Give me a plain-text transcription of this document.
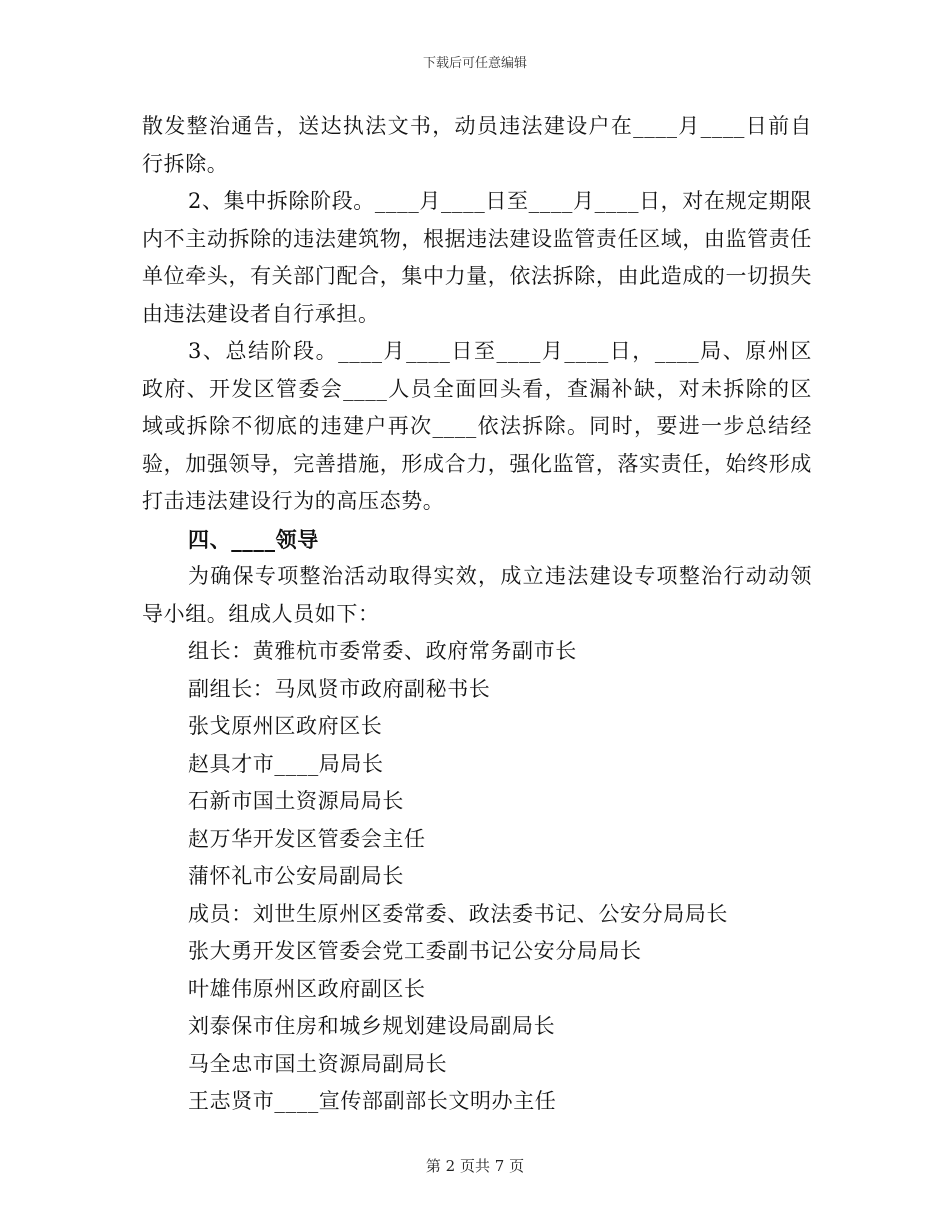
下载后可任意编辑

散发整治通告，送达执法文书，动员违法建设户在____月____日前自行拆除。

2、集中拆除阶段。____月____日至____月____日，对在规定期限内不主动拆除的违法建筑物，根据违法建设监管责任区域，由监管责任单位牵头，有关部门配合，集中力量，依法拆除，由此造成的一切损失由违法建设者自行承担。

3、总结阶段。____月____日至____月____日，____局、原州区政府、开发区管委会____人员全面回头看，查漏补缺，对未拆除的区域或拆除不彻底的违建户再次____依法拆除。同时，要进一步总结经验，加强领导，完善措施，形成合力，强化监管，落实责任，始终形成打击违法建设行为的高压态势。

四、____领导

为确保专项整治活动取得实效，成立违法建设专项整治行动动领导小组。组成人员如下：

组长：黄雅杭市委常委、政府常务副市长

副组长：马凤贤市政府副秘书长

张戈原州区政府区长

赵具才市____局局长

石新市国土资源局局长

赵万华开发区管委会主任

蒲怀礼市公安局副局长

成员：刘世生原州区委常委、政法委书记、公安分局局长

张大勇开发区管委会党工委副书记公安分局局长

叶雄伟原州区政府副区长

刘泰保市住房和城乡规划建设局副局长

马全忠市国土资源局副局长

王志贤市____宣传部副部长文明办主任

第 2 页共 7 页
